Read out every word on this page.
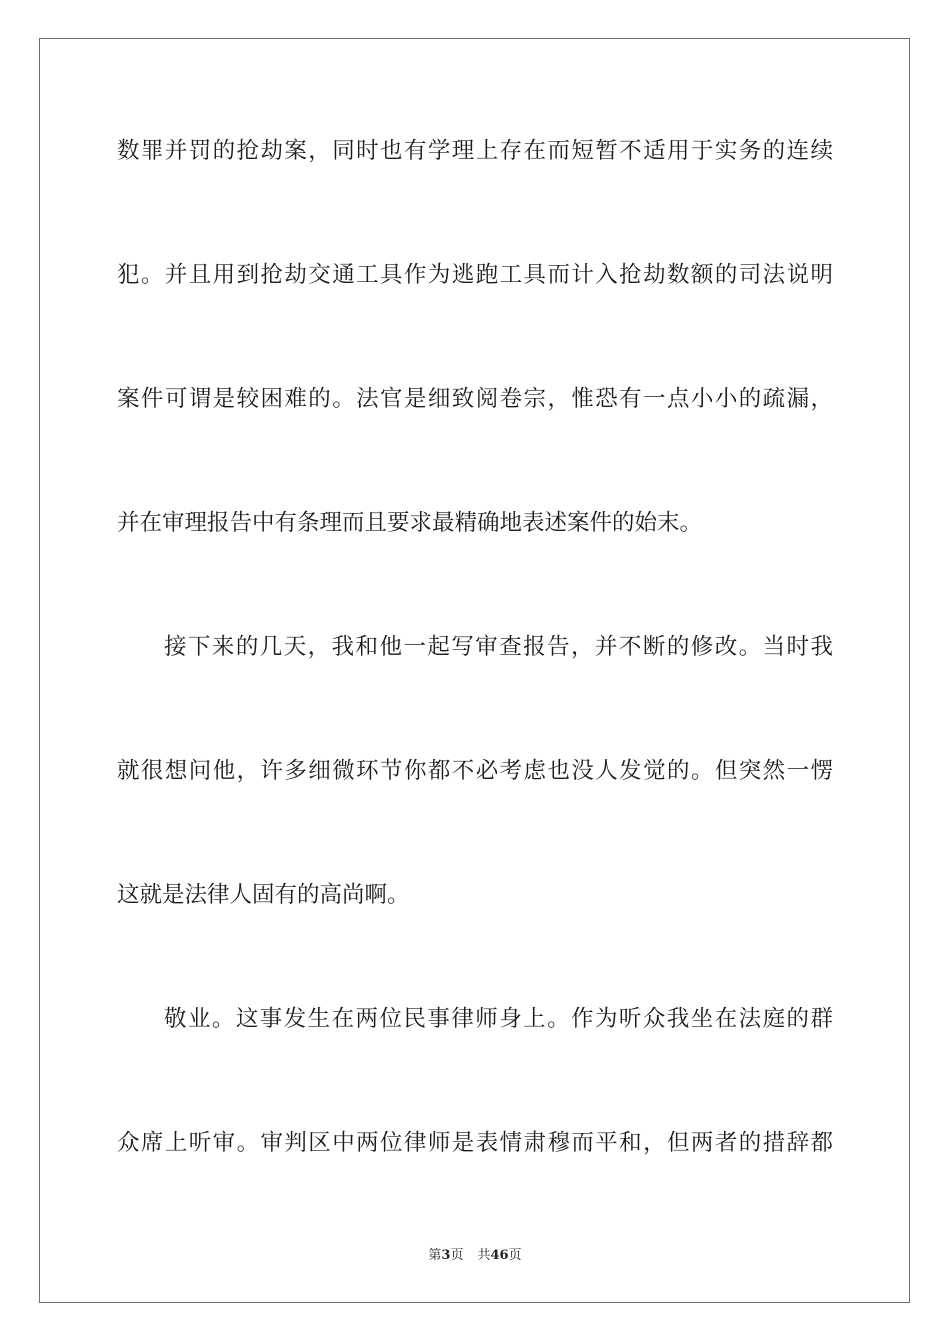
数罪并罚的抢劫案，同时也有学理上存在而短暂不适用于实务的连续
犯。并且用到抢劫交通工具作为逃跑工具而计入抢劫数额的司法说明
案件可谓是较困难的。法官是细致阅卷宗，惟恐有一点小小的疏漏，
并在审理报告中有条理而且要求最精确地表述案件的始末。
接下来的几天，我和他一起写审查报告，并不断的修改。当时我
就很想问他，许多细微环节你都不必考虑也没人发觉的。但突然一愣
这就是法律人固有的高尚啊。
敬业。这事发生在两位民事律师身上。作为听众我坐在法庭的群
众席上听审。审判区中两位律师是表情肃穆而平和，但两者的措辞都
第3页 共46页
